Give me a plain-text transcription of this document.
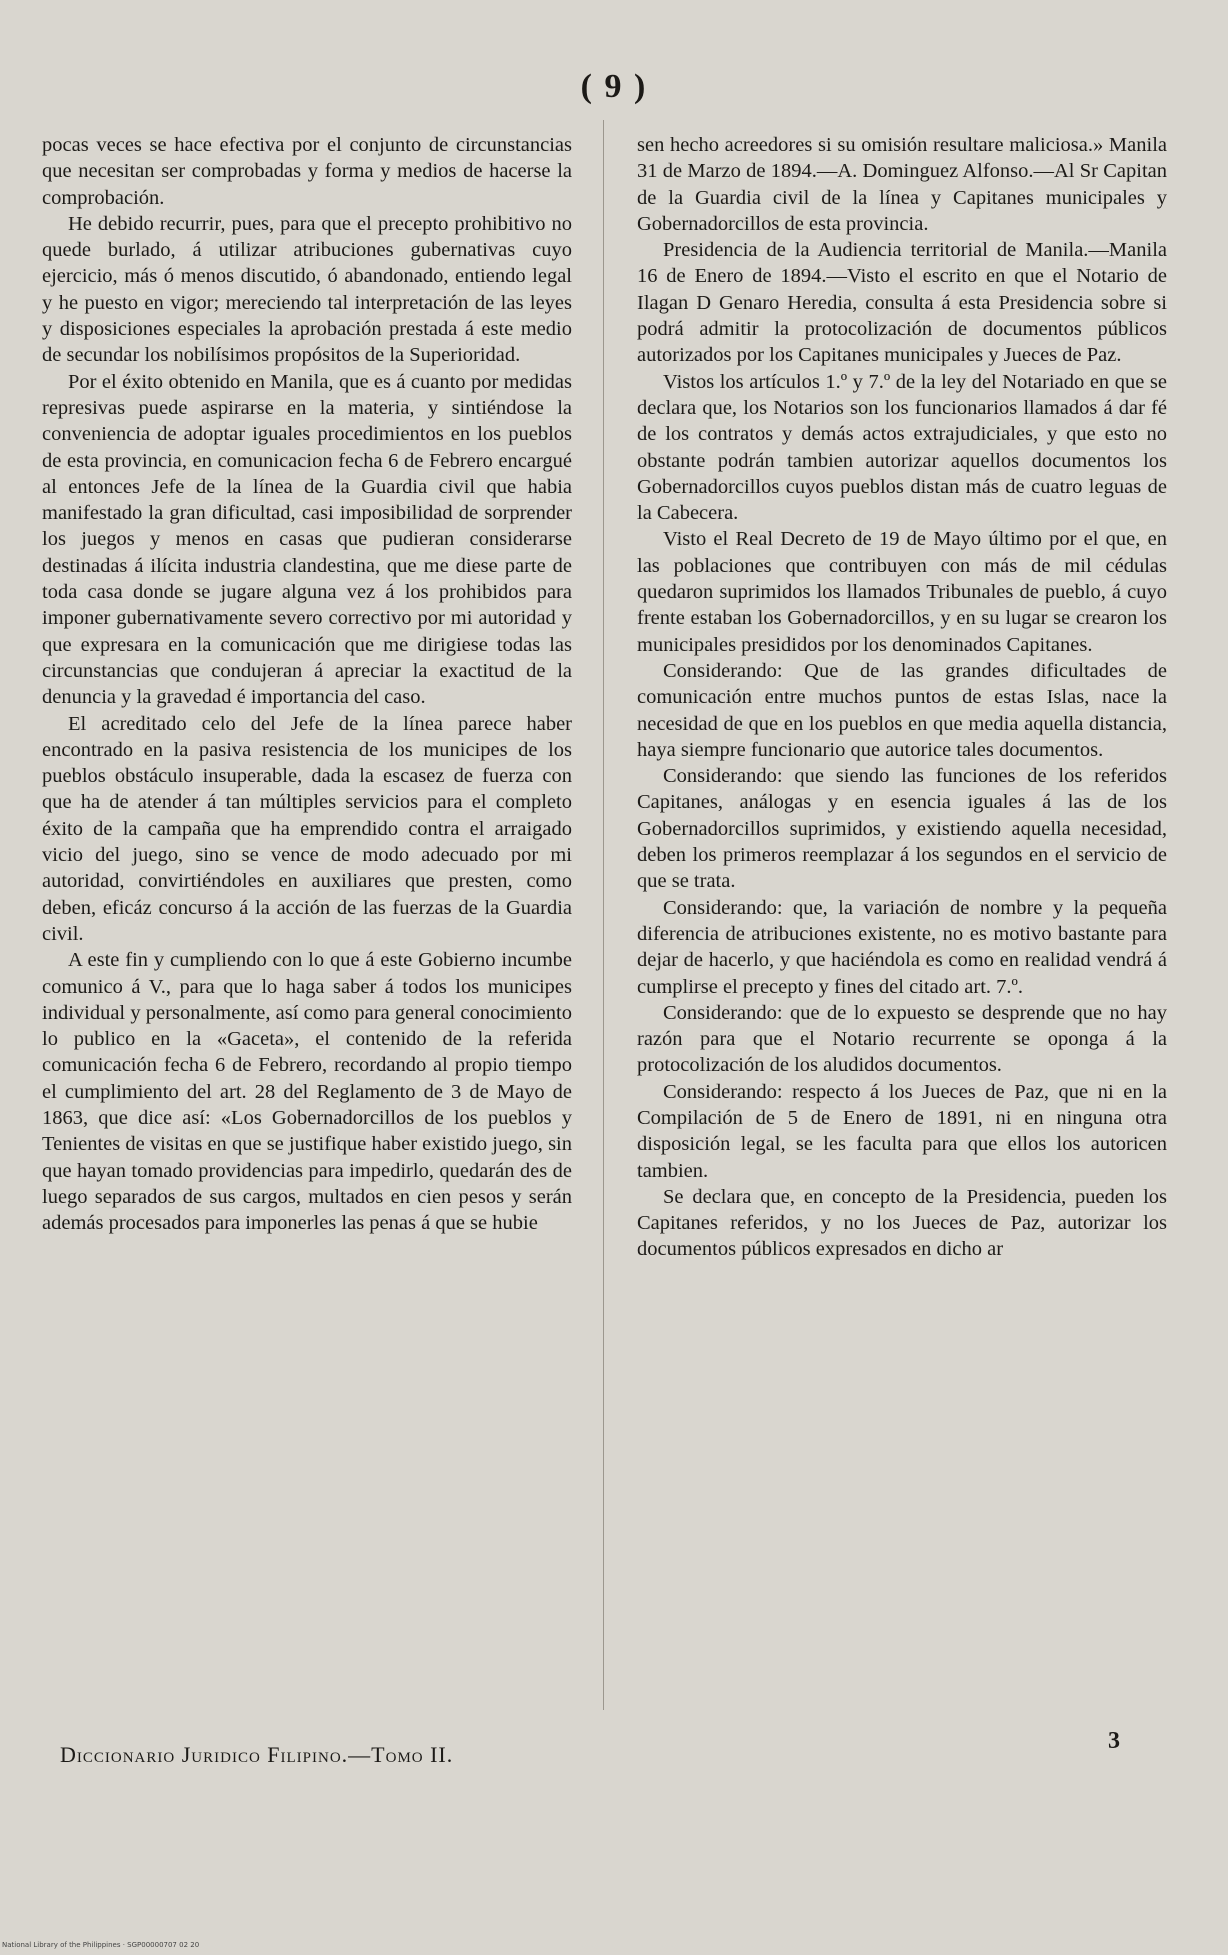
( 9 )

pocas veces se hace efectiva por el conjunto de circunstancias que necesitan ser comprobadas y forma y medios de hacerse la comprobación.

He debido recurrir, pues, para que el precepto prohibitivo no quede burlado, á utilizar atribuciones gubernativas cuyo ejercicio, más ó menos discutido, ó abandonado, entiendo legal y he puesto en vigor; mereciendo tal interpretación de las leyes y disposiciones especiales la aprobación prestada á este medio de secundar los nobilísimos propósitos de la Superioridad.

Por el éxito obtenido en Manila, que es á cuanto por medidas represivas puede aspirarse en la materia, y sintiéndose la conveniencia de adoptar iguales procedimientos en los pueblos de esta provincia, en comunicacion fecha 6 de Febrero encargué al entonces Jefe de la línea de la Guardia civil que habia manifestado la gran dificultad, casi imposibilidad de sorprender los juegos y menos en casas que pudieran considerarse destinadas á ilícita industria clandestina, que me diese parte de toda casa donde se jugare alguna vez á los prohibidos para imponer gubernativamente severo correctivo por mi autoridad y que expresara en la comunicación que me dirigiese todas las circunstancias que condujeran á apreciar la exactitud de la denuncia y la gravedad é importancia del caso.

El acreditado celo del Jefe de la línea parece haber encontrado en la pasiva resistencia de los municipes de los pueblos obstáculo insuperable, dada la escasez de fuerza con que ha de atender á tan múltiples servicios para el completo éxito de la campaña que ha emprendido contra el arraigado vicio del juego, sino se vence de modo adecuado por mi autoridad, convirtiéndoles en auxiliares que presten, como deben, eficáz concurso á la acción de las fuerzas de la Guardia civil.

A este fin y cumpliendo con lo que á este Gobierno incumbe comunico á V., para que lo haga saber á todos los municipes individual y personalmente, así como para general conocimiento lo publico en la «Gaceta», el contenido de la referida comunicación fecha 6 de Febrero, recordando al propio tiempo el cumplimiento del art. 28 del Reglamento de 3 de Mayo de 1863, que dice así: «Los Gobernadorcillos de los pueblos y Tenientes de visitas en que se justifique haber existido juego, sin que hayan tomado providencias para impedirlo, quedarán des de luego separados de sus cargos, multados en cien pesos y serán además procesados para imponerles las penas á que se hubie

sen hecho acreedores si su omisión resultare maliciosa.» Manila 31 de Marzo de 1894.—A. Dominguez Alfonso.—Al Sr Capitan de la Guardia civil de la línea y Capitanes municipales y Gobernadorcillos de esta provincia.

Presidencia de la Audiencia territorial de Manila.—Manila 16 de Enero de 1894.—Visto el escrito en que el Notario de Ilagan D Genaro Heredia, consulta á esta Presidencia sobre si podrá admitir la protocolización de documentos públicos autorizados por los Capitanes municipales y Jueces de Paz.

Vistos los artículos 1.º y 7.º de la ley del Notariado en que se declara que, los Notarios son los funcionarios llamados á dar fé de los contratos y demás actos extrajudiciales, y que esto no obstante podrán tambien autorizar aquellos documentos los Gobernadorcillos cuyos pueblos distan más de cuatro leguas de la Cabecera.

Visto el Real Decreto de 19 de Mayo último por el que, en las poblaciones que contribuyen con más de mil cédulas quedaron suprimidos los llamados Tribunales de pueblo, á cuyo frente estaban los Gobernadorcillos, y en su lugar se crearon los municipales presididos por los denominados Capitanes.

Considerando: Que de las grandes dificultades de comunicación entre muchos puntos de estas Islas, nace la necesidad de que en los pueblos en que media aquella distancia, haya siempre funcionario que autorice tales documentos.

Considerando: que siendo las funciones de los referidos Capitanes, análogas y en esencia iguales á las de los Gobernadorcillos suprimidos, y existiendo aquella necesidad, deben los primeros reemplazar á los segundos en el servicio de que se trata.

Considerando: que, la variación de nombre y la pequeña diferencia de atribuciones existente, no es motivo bastante para dejar de hacerlo, y que haciéndola es como en realidad vendrá á cumplirse el precepto y fines del citado art. 7.º.

Considerando: que de lo expuesto se desprende que no hay razón para que el Notario recurrente se oponga á la protocolización de los aludidos documentos.

Considerando: respecto á los Jueces de Paz, que ni en la Compilación de 5 de Enero de 1891, ni en ninguna otra disposición legal, se les faculta para que ellos los autoricen tambien.

Se declara que, en concepto de la Presidencia, pueden los Capitanes referidos, y no los Jueces de Paz, autorizar los documentos públicos expresados en dicho ar

Diccionario Juridico Filipino.—Tomo II.
3
National Library of the Philippines · SGP00000707 02 20
